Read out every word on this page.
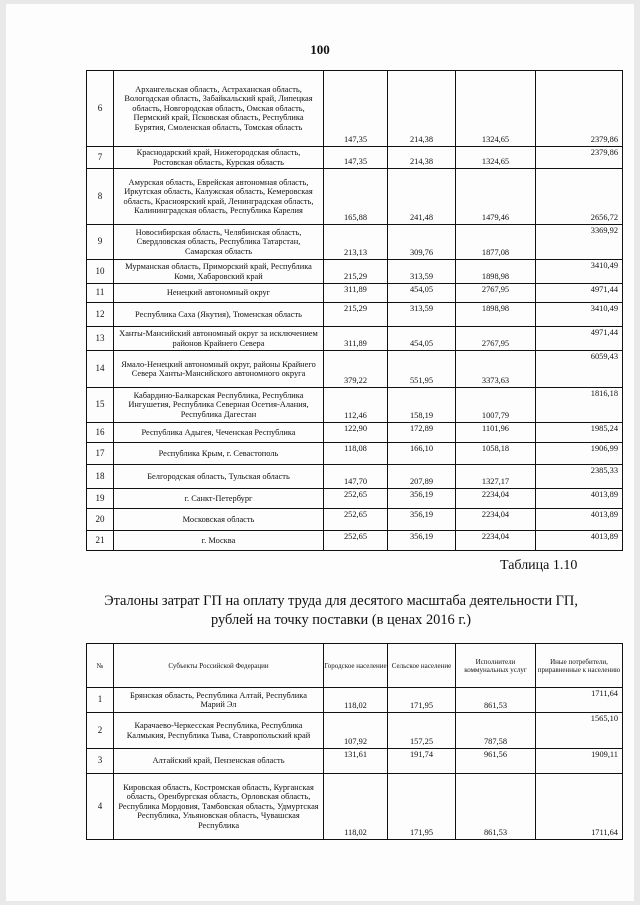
100
6	Архангельская область, Астраханская область, Вологодская область, Забайкальский край, Липецкая область, Новгородская область, Омская область, Пермский край, Псковская область, Республика Бурятия, Смоленская область, Томская область	147,35	214,38	1324,65	2379,86
7	Краснодарский край, Нижегородская область, Ростовская область, Курская область	147,35	214,38	1324,65	2379,86
8	Амурская область, Еврейская автономная область, Иркутская область, Калужская область, Кемеровская область, Красноярский край, Ленинградская область, Калининградская область, Республика Карелия	165,88	241,48	1479,46	2656,72
9	Новосибирская область, Челябинская область, Свердловская область, Республика Татарстан, Самарская область	213,13	309,76	1877,08	3369,92
10	Мурманская область, Приморский край, Республика Коми, Хабаровский край	215,29	313,59	1898,98	3410,49
11	Ненецкий автономный округ	311,89	454,05	2767,95	4971,44
12	Республика Саха (Якутия), Тюменская область	215,29	313,59	1898,98	3410,49
13	Ханты-Мансийский автономный округ за исключением районов Крайнего Севера	311,89	454,05	2767,95	4971,44
14	Ямало-Ненецкий автономный округ, районы Крайнего Севера Ханты-Мансийского автономного округа	379,22	551,95	3373,63	6059,43
15	Кабардино-Балкарская Республика, Республика Ингушетия, Республика Северная Осетия-Алания, Республика Дагестан	112,46	158,19	1007,79	1816,18
16	Республика Адыгея, Чеченская Республика	122,90	172,89	1101,96	1985,24
17	Республика Крым, г. Севастополь	118,08	166,10	1058,18	1906,99
18	Белгородская область, Тульская область	147,70	207,89	1327,17	2385,33
19	г. Санкт-Петербург	252,65	356,19	2234,04	4013,89
20	Московская область	252,65	356,19	2234,04	4013,89
21	г. Москва	252,65	356,19	2234,04	4013,89
Таблица 1.10
Эталоны затрат ГП на оплату труда для десятого масштаба деятельности ГП, рублей на точку поставки (в ценах 2016 г.)
№	Субъекты Российской Федерации	Городское население	Сельское население	Исполнители коммунальных услуг	Иные потребители, приравненные к населению
1	Брянская область, Республика Алтай, Республика Марий Эл	118,02	171,95	861,53	1711,64
2	Карачаево-Черкесская Республика, Республика Калмыкия, Республика Тыва, Ставропольский край	107,92	157,25	787,58	1565,10
3	Алтайский край, Пензенская область	131,61	191,74	961,56	1909,11
4	Кировская область, Костромская область, Курганская область, Оренбургская область, Орловская область, Республика Мордовия, Тамбовская область, Удмуртская Республика, Ульяновская область, Чувашская Республика	118,02	171,95	861,53	1711,64
